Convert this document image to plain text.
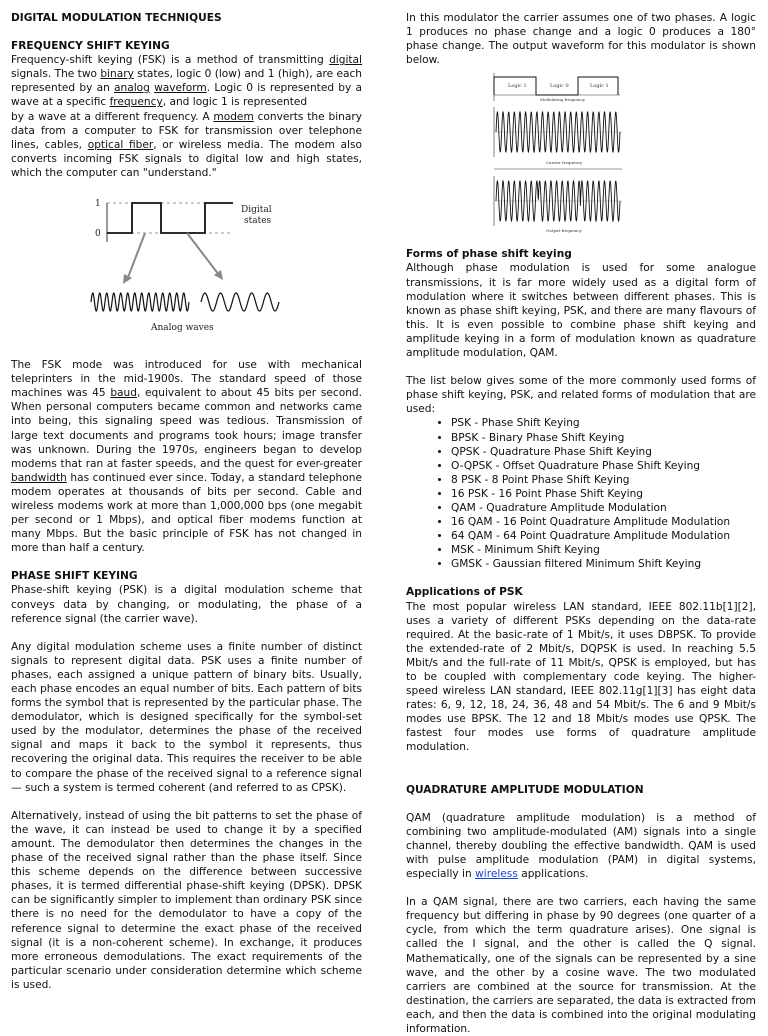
DIGITAL MODULATION TECHNIQUES
FREQUENCY SHIFT KEYING

Frequency-shift keying (FSK) is a method of transmitting digital signals. The two binary states, logic 0 (low) and 1 (high), are each represented by an analog waveform. Logic 0 is represented by a wave at a specific frequency, and logic 1 is represented

by a wave at a different frequency. A modem converts the binary data from a computer to FSK for transmission over telephone lines, cables, optical fiber, or wireless media. The modem also converts incoming FSK signals to digital low and high states, which the computer can "understand."

1
0
Digital
states
Analog waves

The FSK mode was introduced for use with mechanical teleprinters in the mid-1900s. The standard speed of those machines was 45 baud, equivalent to about 45 bits per second. When personal computers became common and networks came into being, this signaling speed was tedious. Transmission of large text documents and programs took hours; image transfer was unknown. During the 1970s, engineers began to develop modems that ran at faster speeds, and the quest for ever-greater bandwidth has continued ever since. Today, a standard telephone modem operates at thousands of bits per second. Cable and wireless modems work at more than 1,000,000 bps (one megabit per second or 1 Mbps), and optical fiber modems function at many Mbps. But the basic principle of FSK has not changed in more than half a century.

PHASE SHIFT KEYING

Phase-shift keying (PSK) is a digital modulation scheme that conveys data by changing, or modulating, the phase of a reference signal (the carrier wave).

Any digital modulation scheme uses a finite number of distinct signals to represent digital data. PSK uses a finite number of phases, each assigned a unique pattern of binary bits. Usually, each phase encodes an equal number of bits. Each pattern of bits forms the symbol that is represented by the particular phase. The demodulator, which is designed specifically for the symbol-set used by the modulator, determines the phase of the received signal and maps it back to the symbol it represents, thus recovering the original data. This requires the receiver to be able to compare the phase of the received signal to a reference signal — such a system is termed coherent (and referred to as CPSK).

Alternatively, instead of using the bit patterns to set the phase of the wave, it can instead be used to change it by a specified amount. The demodulator then determines the changes in the phase of the received signal rather than the phase itself. Since this scheme depends on the difference between successive phases, it is termed differential phase-shift keying (DPSK). DPSK can be significantly simpler to implement than ordinary PSK since there is no need for the demodulator to have a copy of the reference signal to determine the exact phase of the received signal (it is a non-coherent scheme). In exchange, it produces more erroneous demodulations. The exact requirements of the particular scenario under consideration determine which scheme is used.

In this modulator the carrier assumes one of two phases. A logic 1 produces no phase change and a logic 0 produces a 180° phase change. The output waveform for this modulator is shown below.

Logic 1	Logic 0	Logic 1
Modulating frequency
Carrier frequency
Output frequency
Forms of phase shift keying

Although phase modulation is used for some analogue transmissions, it is far more widely used as a digital form of modulation where it switches between different phases. This is known as phase shift keying, PSK, and there are many flavours of this. It is even possible to combine phase shift keying and amplitude keying in a form of modulation known as quadrature amplitude modulation, QAM.

The list below gives some of the more commonly used forms of phase shift keying, PSK, and related forms of modulation that are used:

• PSK - Phase Shift Keying
• BPSK - Binary Phase Shift Keying
• QPSK - Quadrature Phase Shift Keying
• O-QPSK - Offset Quadrature Phase Shift Keying
• 8 PSK - 8 Point Phase Shift Keying
• 16 PSK - 16 Point Phase Shift Keying
• QAM - Quadrature Amplitude Modulation
• 16 QAM - 16 Point Quadrature Amplitude Modulation
• 64 QAM - 64 Point Quadrature Amplitude Modulation
• MSK - Minimum Shift Keying
• GMSK - Gaussian filtered Minimum Shift Keying
Applications of PSK

The most popular wireless LAN standard, IEEE 802.11b[1][2], uses a variety of different PSKs depending on the data-rate required. At the basic-rate of 1 Mbit/s, it uses DBPSK. To provide the extended-rate of 2 Mbit/s, DQPSK is used. In reaching 5.5 Mbit/s and the full-rate of 11 Mbit/s, QPSK is employed, but has to be coupled with complementary code keying. The higher-speed wireless LAN standard, IEEE 802.11g[1][3] has eight data rates: 6, 9, 12, 18, 24, 36, 48 and 54 Mbit/s. The 6 and 9 Mbit/s modes use BPSK. The 12 and 18 Mbit/s modes use QPSK. The fastest four modes use forms of quadrature amplitude modulation.

QUADRATURE AMPLITUDE MODULATION

QAM (quadrature amplitude modulation) is a method of combining two amplitude-modulated (AM) signals into a single channel, thereby doubling the effective bandwidth. QAM is used with pulse amplitude modulation (PAM) in digital systems, especially in wireless applications.

In a QAM signal, there are two carriers, each having the same frequency but differing in phase by 90 degrees (one quarter of a cycle, from which the term quadrature arises). One signal is called the I signal, and the other is called the Q signal. Mathematically, one of the signals can be represented by a sine wave, and the other by a cosine wave. The two modulated carriers are combined at the source for transmission. At the destination, the carriers are separated, the data is extracted from each, and then the data is combined into the original modulating information.
